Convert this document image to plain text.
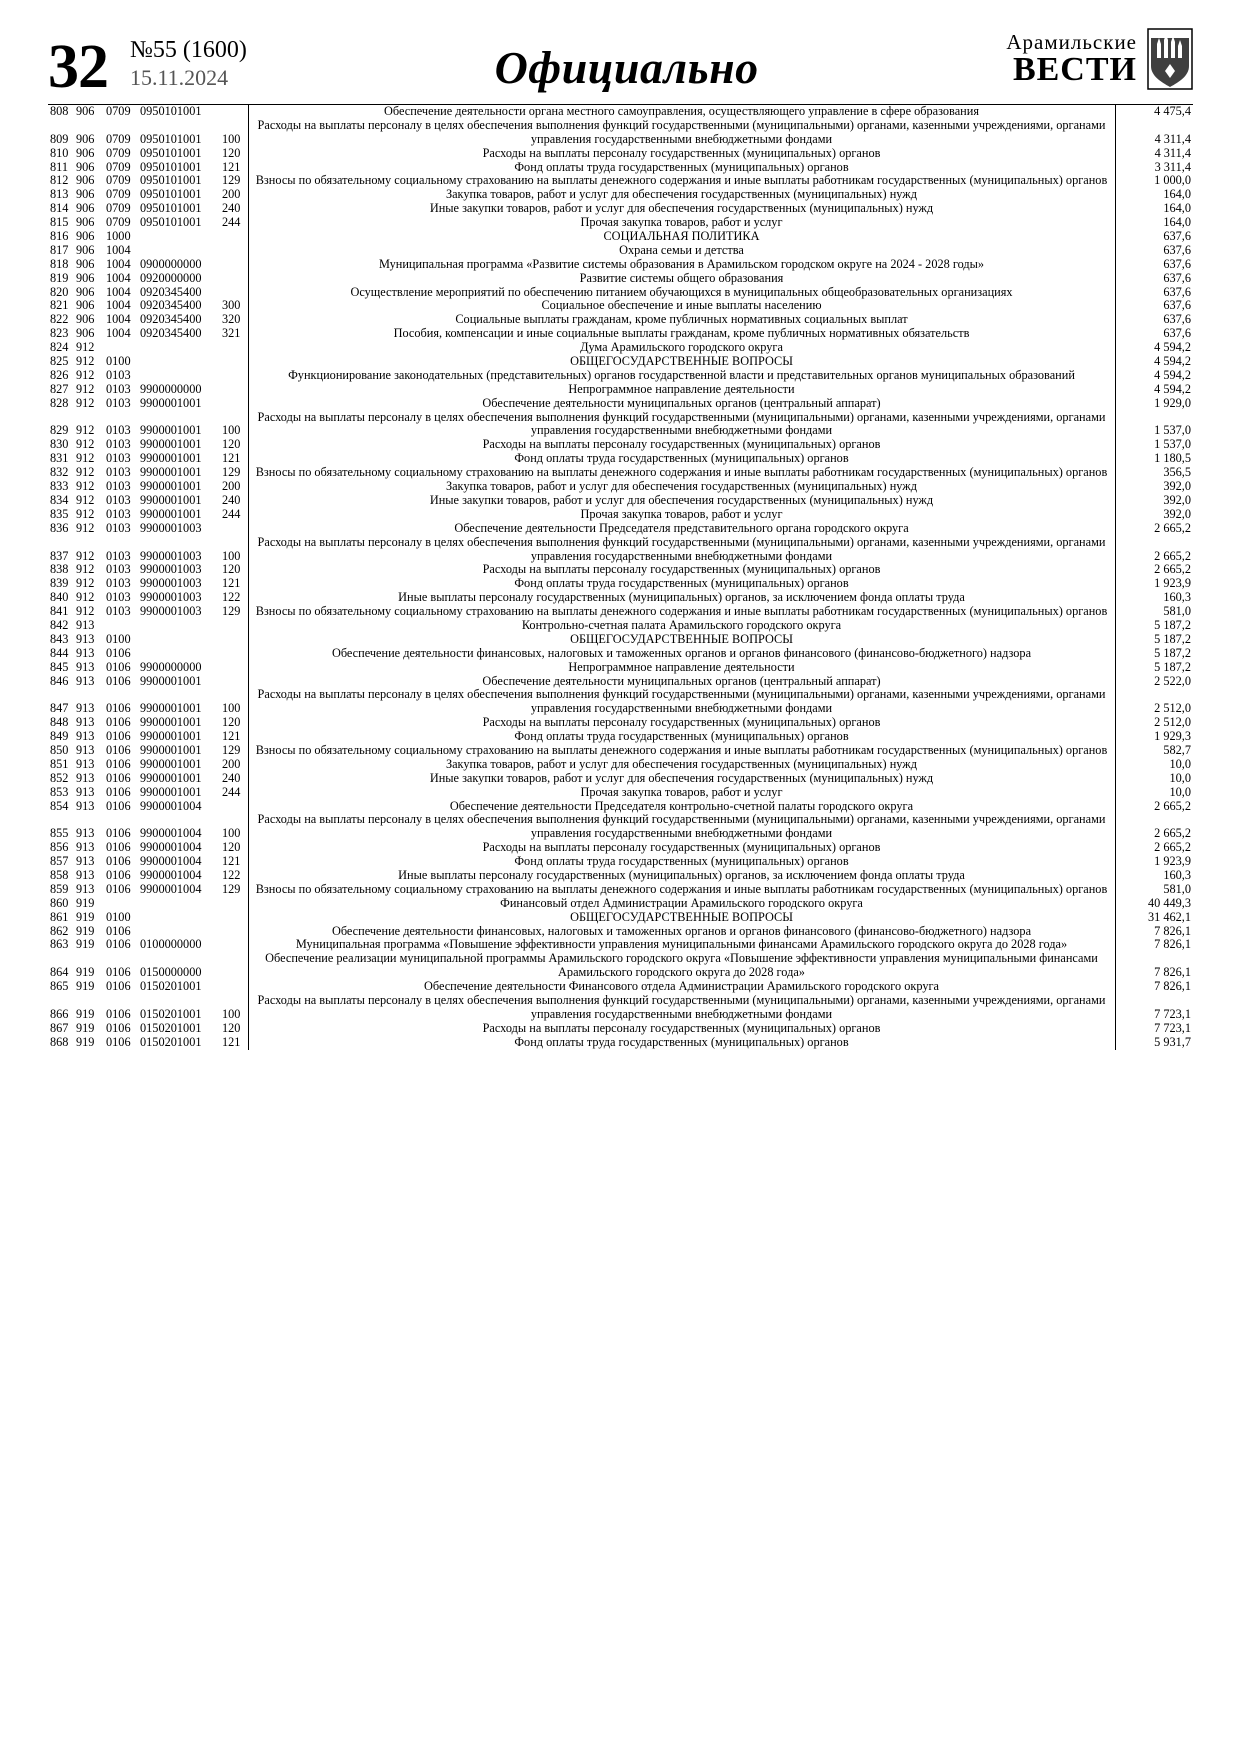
32 №55 (1600)
15.11.2024	Официально
Арамильские
ВЕСТИ
808	906	0709	0950101001		Обеспечение деятельности органа местного самоуправления, осуществляющего управление в сфере образования	4 475,4
809	906	0709	0950101001	100	Расходы на выплаты персоналу в целях обеспечения выполнения функций государственными (муниципальными) органами, казенными учреждениями, органами управления государственными внебюджетными фондами	4 311,4
810	906	0709	0950101001	120	Расходы на выплаты персоналу государственных (муниципальных) органов	4 311,4
811	906	0709	0950101001	121	Фонд оплаты труда государственных (муниципальных) органов	3 311,4
812	906	0709	0950101001	129	Взносы по обязательному социальному страхованию на выплаты денежного содержания и иные выплаты работникам государственных (муниципальных) органов	1 000,0
813	906	0709	0950101001	200	Закупка товаров, работ и услуг для обеспечения государственных (муниципальных) нужд	164,0
814	906	0709	0950101001	240	Иные закупки товаров, работ и услуг для обеспечения государственных (муниципальных) нужд	164,0
815	906	0709	0950101001	244	Прочая закупка товаров, работ и услуг	164,0
816	906	1000			СОЦИАЛЬНАЯ ПОЛИТИКА	637,6
817	906	1004			Охрана семьи и детства	637,6
818	906	1004	0900000000		Муниципальная программа «Развитие системы образования в Арамильском городском округе на 2024 - 2028 годы»	637,6
819	906	1004	0920000000		Развитие системы общего образования	637,6
820	906	1004	0920345400		Осуществление мероприятий по обеспечению питанием обучающихся в муниципальных общеобразовательных организациях	637,6
821	906	1004	0920345400	300	Социальное обеспечение и иные выплаты населению	637,6
822	906	1004	0920345400	320	Социальные выплаты гражданам, кроме публичных нормативных социальных выплат	637,6
823	906	1004	0920345400	321	Пособия, компенсации и иные социальные выплаты гражданам, кроме публичных нормативных обязательств	637,6
824	912				Дума Арамильского городского округа	4 594,2
825	912	0100			ОБЩЕГОСУДАРСТВЕННЫЕ ВОПРОСЫ	4 594,2
826	912	0103			Функционирование законодательных (представительных) органов государственной власти и представительных органов муниципальных образований	4 594,2
827	912	0103	9900000000		Непрограммное направление деятельности	4 594,2
828	912	0103	9900001001		Обеспечение деятельности муниципальных органов (центральный аппарат)	1 929,0
829	912	0103	9900001001	100	Расходы на выплаты персоналу в целях обеспечения выполнения функций государственными (муниципальными) органами, казенными учреждениями, органами управления государственными внебюджетными фондами	1 537,0
830	912	0103	9900001001	120	Расходы на выплаты персоналу государственных (муниципальных) органов	1 537,0
831	912	0103	9900001001	121	Фонд оплаты труда государственных (муниципальных) органов	1 180,5
832	912	0103	9900001001	129	Взносы по обязательному социальному страхованию на выплаты денежного содержания и иные выплаты работникам государственных (муниципальных) органов	356,5
833	912	0103	9900001001	200	Закупка товаров, работ и услуг для обеспечения государственных (муниципальных) нужд	392,0
834	912	0103	9900001001	240	Иные закупки товаров, работ и услуг для обеспечения государственных (муниципальных) нужд	392,0
835	912	0103	9900001001	244	Прочая закупка товаров, работ и услуг	392,0
836	912	0103	9900001003		Обеспечение деятельности Председателя представительного органа городского округа	2 665,2
837	912	0103	9900001003	100	Расходы на выплаты персоналу в целях обеспечения выполнения функций государственными (муниципальными) органами, казенными учреждениями, органами управления государственными внебюджетными фондами	2 665,2
838	912	0103	9900001003	120	Расходы на выплаты персоналу государственных (муниципальных) органов	2 665,2
839	912	0103	9900001003	121	Фонд оплаты труда государственных (муниципальных) органов	1 923,9
840	912	0103	9900001003	122	Иные выплаты персоналу государственных (муниципальных) органов, за исключением фонда оплаты труда	160,3
841	912	0103	9900001003	129	Взносы по обязательному социальному страхованию на выплаты денежного содержания и иные выплаты работникам государственных (муниципальных) органов	581,0
842	913				Контрольно-счетная палата Арамильского городского округа	5 187,2
843	913	0100			ОБЩЕГОСУДАРСТВЕННЫЕ ВОПРОСЫ	5 187,2
844	913	0106			Обеспечение деятельности финансовых, налоговых и таможенных органов и органов финансового (финансово-бюджетного) надзора	5 187,2
845	913	0106	9900000000		Непрограммное направление деятельности	5 187,2
846	913	0106	9900001001		Обеспечение деятельности муниципальных органов (центральный аппарат)	2 522,0
847	913	0106	9900001001	100	Расходы на выплаты персоналу в целях обеспечения выполнения функций государственными (муниципальными) органами, казенными учреждениями, органами управления государственными внебюджетными фондами	2 512,0
848	913	0106	9900001001	120	Расходы на выплаты персоналу государственных (муниципальных) органов	2 512,0
849	913	0106	9900001001	121	Фонд оплаты труда государственных (муниципальных) органов	1 929,3
850	913	0106	9900001001	129	Взносы по обязательному социальному страхованию на выплаты денежного содержания и иные выплаты работникам государственных (муниципальных) органов	582,7
851	913	0106	9900001001	200	Закупка товаров, работ и услуг для обеспечения государственных (муниципальных) нужд	10,0
852	913	0106	9900001001	240	Иные закупки товаров, работ и услуг для обеспечения государственных (муниципальных) нужд	10,0
853	913	0106	9900001001	244	Прочая закупка товаров, работ и услуг	10,0
854	913	0106	9900001004		Обеспечение деятельности Председателя контрольно-счетной палаты городского округа	2 665,2
855	913	0106	9900001004	100	Расходы на выплаты персоналу в целях обеспечения выполнения функций государственными (муниципальными) органами, казенными учреждениями, органами управления государственными внебюджетными фондами	2 665,2
856	913	0106	9900001004	120	Расходы на выплаты персоналу государственных (муниципальных) органов	2 665,2
857	913	0106	9900001004	121	Фонд оплаты труда государственных (муниципальных) органов	1 923,9
858	913	0106	9900001004	122	Иные выплаты персоналу государственных (муниципальных) органов, за исключением фонда оплаты труда	160,3
859	913	0106	9900001004	129	Взносы по обязательному социальному страхованию на выплаты денежного содержания и иные выплаты работникам государственных (муниципальных) органов	581,0
860	919				Финансовый отдел Администрации Арамильского городского округа	40 449,3
861	919	0100			ОБЩЕГОСУДАРСТВЕННЫЕ ВОПРОСЫ	31 462,1
862	919	0106			Обеспечение деятельности финансовых, налоговых и таможенных органов и органов финансового (финансово-бюджетного) надзора	7 826,1
863	919	0106	0100000000		Муниципальная программа «Повышение эффективности управления муниципальными финансами Арамильского городского округа до 2028 года»	7 826,1
864	919	0106	0150000000		Обеспечение реализации муниципальной программы Арамильского городского округа «Повышение эффективности управления муниципальными финансами Арамильского городского округа до 2028 года»	7 826,1
865	919	0106	0150201001		Обеспечение деятельности Финансового отдела Администрации Арамильского городского округа	7 826,1
866	919	0106	0150201001	100	Расходы на выплаты персоналу в целях обеспечения выполнения функций государственными (муниципальными) органами, казенными учреждениями, органами управления государственными внебюджетными фондами	7 723,1
867	919	0106	0150201001	120	Расходы на выплаты персоналу государственных (муниципальных) органов	7 723,1
868	919	0106	0150201001	121	Фонд оплаты труда государственных (муниципальных) органов	5 931,7
